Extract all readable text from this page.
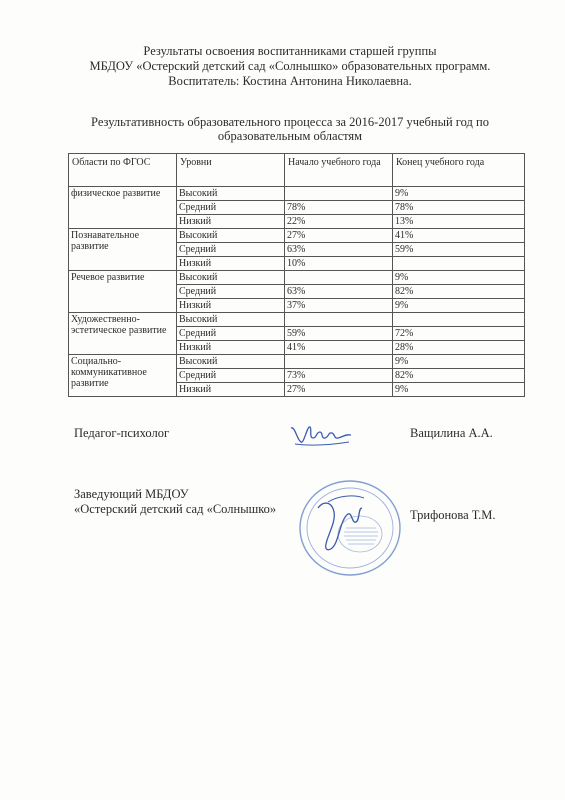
Результаты освоения воспитанниками старшей группы
МБДОУ «Остерский детский сад «Солнышко» образовательных программ.
Воспитатель: Костина Антонина Николаевна.
Результативность образовательного процесса за 2016-2017 учебный год по
образовательным областям
Области по ФГОС	Уровни	Начало учебного года	Конец учебного года
физическое развитие	Высокий		9%
	Средний	78%	78%
	Низкий	22%	13%
Познавательное развитие	Высокий	27%	41%
	Средний	63%	59%
	Низкий	10%	
Речевое развитие	Высокий		9%
	Средний	63%	82%
	Низкий	37%	9%
Художественно-эстетическое развитие	Высокий		
	Средний	59%	72%
	Низкий	41%	28%
Социально-коммуникативное развитие	Высокий		9%
	Средний	73%	82%
	Низкий	27%	9%
Педагог-психолог	Ващилина А.А.
Заведующий МБДОУ
«Остерский детский сад «Солнышко»	Трифонова Т.М.
